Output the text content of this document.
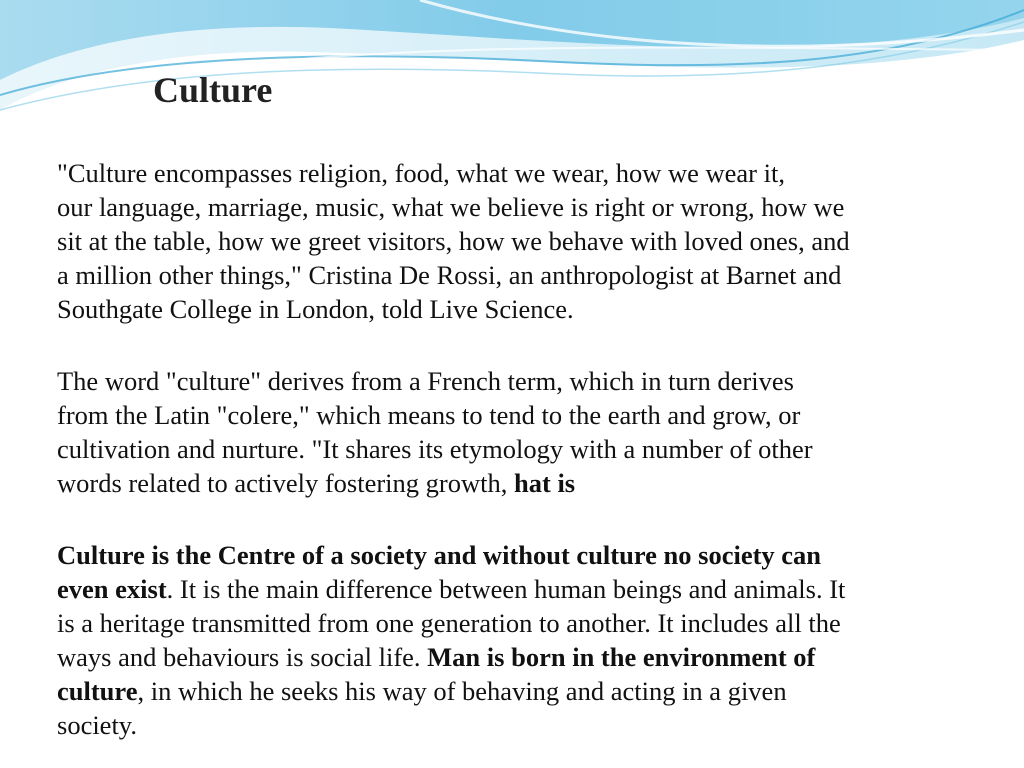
Culture

"Culture encompasses religion, food, what we wear, how we wear it,
our language, marriage, music, what we believe is right or wrong, how we
sit at the table, how we greet visitors, how we behave with loved ones, and
a million other things," Cristina De Rossi, an anthropologist at Barnet and
Southgate College in London, told Live Science.

The word "culture" derives from a French term, which in turn derives
from the Latin "colere," which means to tend to the earth and grow, or
cultivation and nurture. "It shares its etymology with a number of other
words related to actively fostering growth, hat is

Culture is the Centre of a society and without culture no society can
even exist. It is the main difference between human beings and animals. It
is a heritage transmitted from one generation to another. It includes all the
ways and behaviours is social life. Man is born in the environment of
culture, in which he seeks his way of behaving and acting in a given
society.
